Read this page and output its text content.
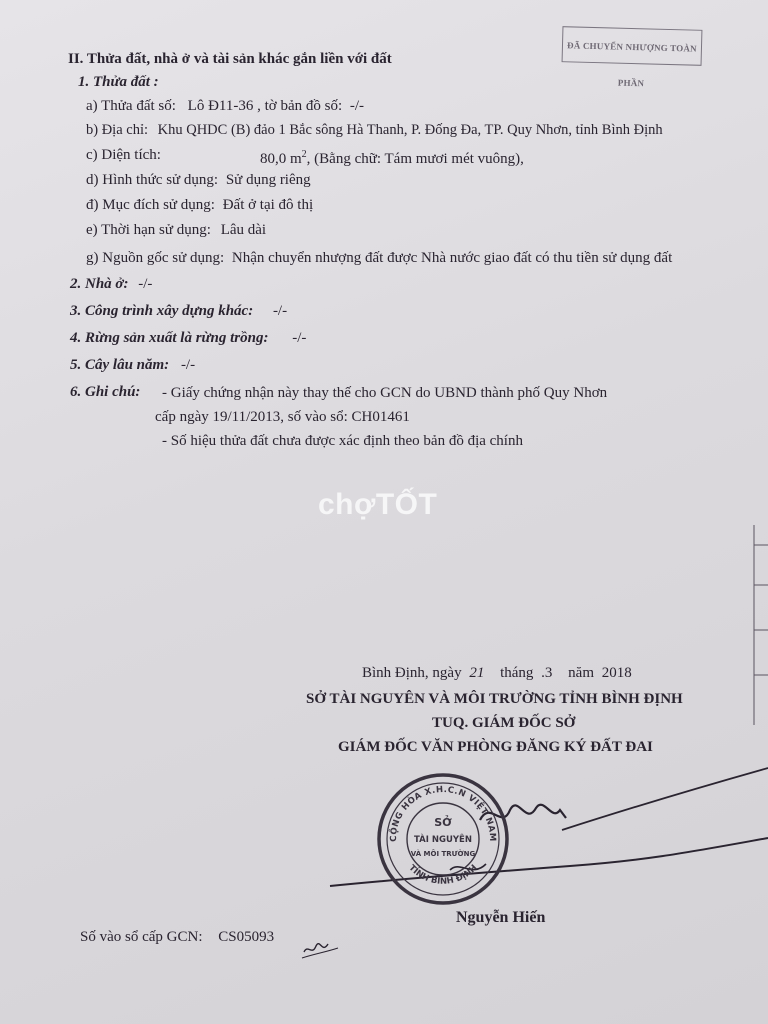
ĐÃ CHUYỂN NHƯỢNG TOÀN PHẦN
II. Thửa đất, nhà ở và tài sản khác gắn liền với đất
1. Thửa đất :
a) Thửa đất số: Lô Đ11-36 , tờ bản đồ số: -/-
b) Địa chỉ: Khu QHDC (B) đảo 1 Bắc sông Hà Thanh, P. Đống Đa, TP. Quy Nhơn, tỉnh Bình Định
c) Diện tích:	80,0 $m^2$, (Bằng chữ: Tám mươi mét vuông),
d) Hình thức sử dụng: Sử dụng riêng
đ) Mục đích sử dụng: Đất ở tại đô thị
e) Thời hạn sử dụng: Lâu dài
g) Nguồn gốc sử dụng: Nhận chuyển nhượng đất được Nhà nước giao đất có thu tiền sử dụng đất
2. Nhà ở: -/-
3. Công trình xây dựng khác: -/-
4. Rừng sản xuất là rừng trồng: -/-
5. Cây lâu năm: -/-
6. Ghi chú: - Giấy chứng nhận này thay thế cho GCN do UBND thành phố Quy Nhơn
cấp ngày 19/11/2013, số vào sổ: CH01461
- Số hiệu thửa đất chưa được xác định theo bản đồ địa chính
chợTỐT
Bình Định, ngày 21 tháng .3 năm 2018
SỞ TÀI NGUYÊN VÀ MÔI TRƯỜNG TỈNH BÌNH ĐỊNH
TUQ. GIÁM ĐỐC SỞ
GIÁM ĐỐC VĂN PHÒNG ĐĂNG KÝ ĐẤT ĐAI
CỘNG HÒA X.H.C.N VIỆT NAM
TỈNH BÌNH ĐỊNH
SỞ
TÀI NGUYÊN
VÀ MÔI TRƯỜNG
Nguyễn Hiến
Số vào sổ cấp GCN: CS05093
